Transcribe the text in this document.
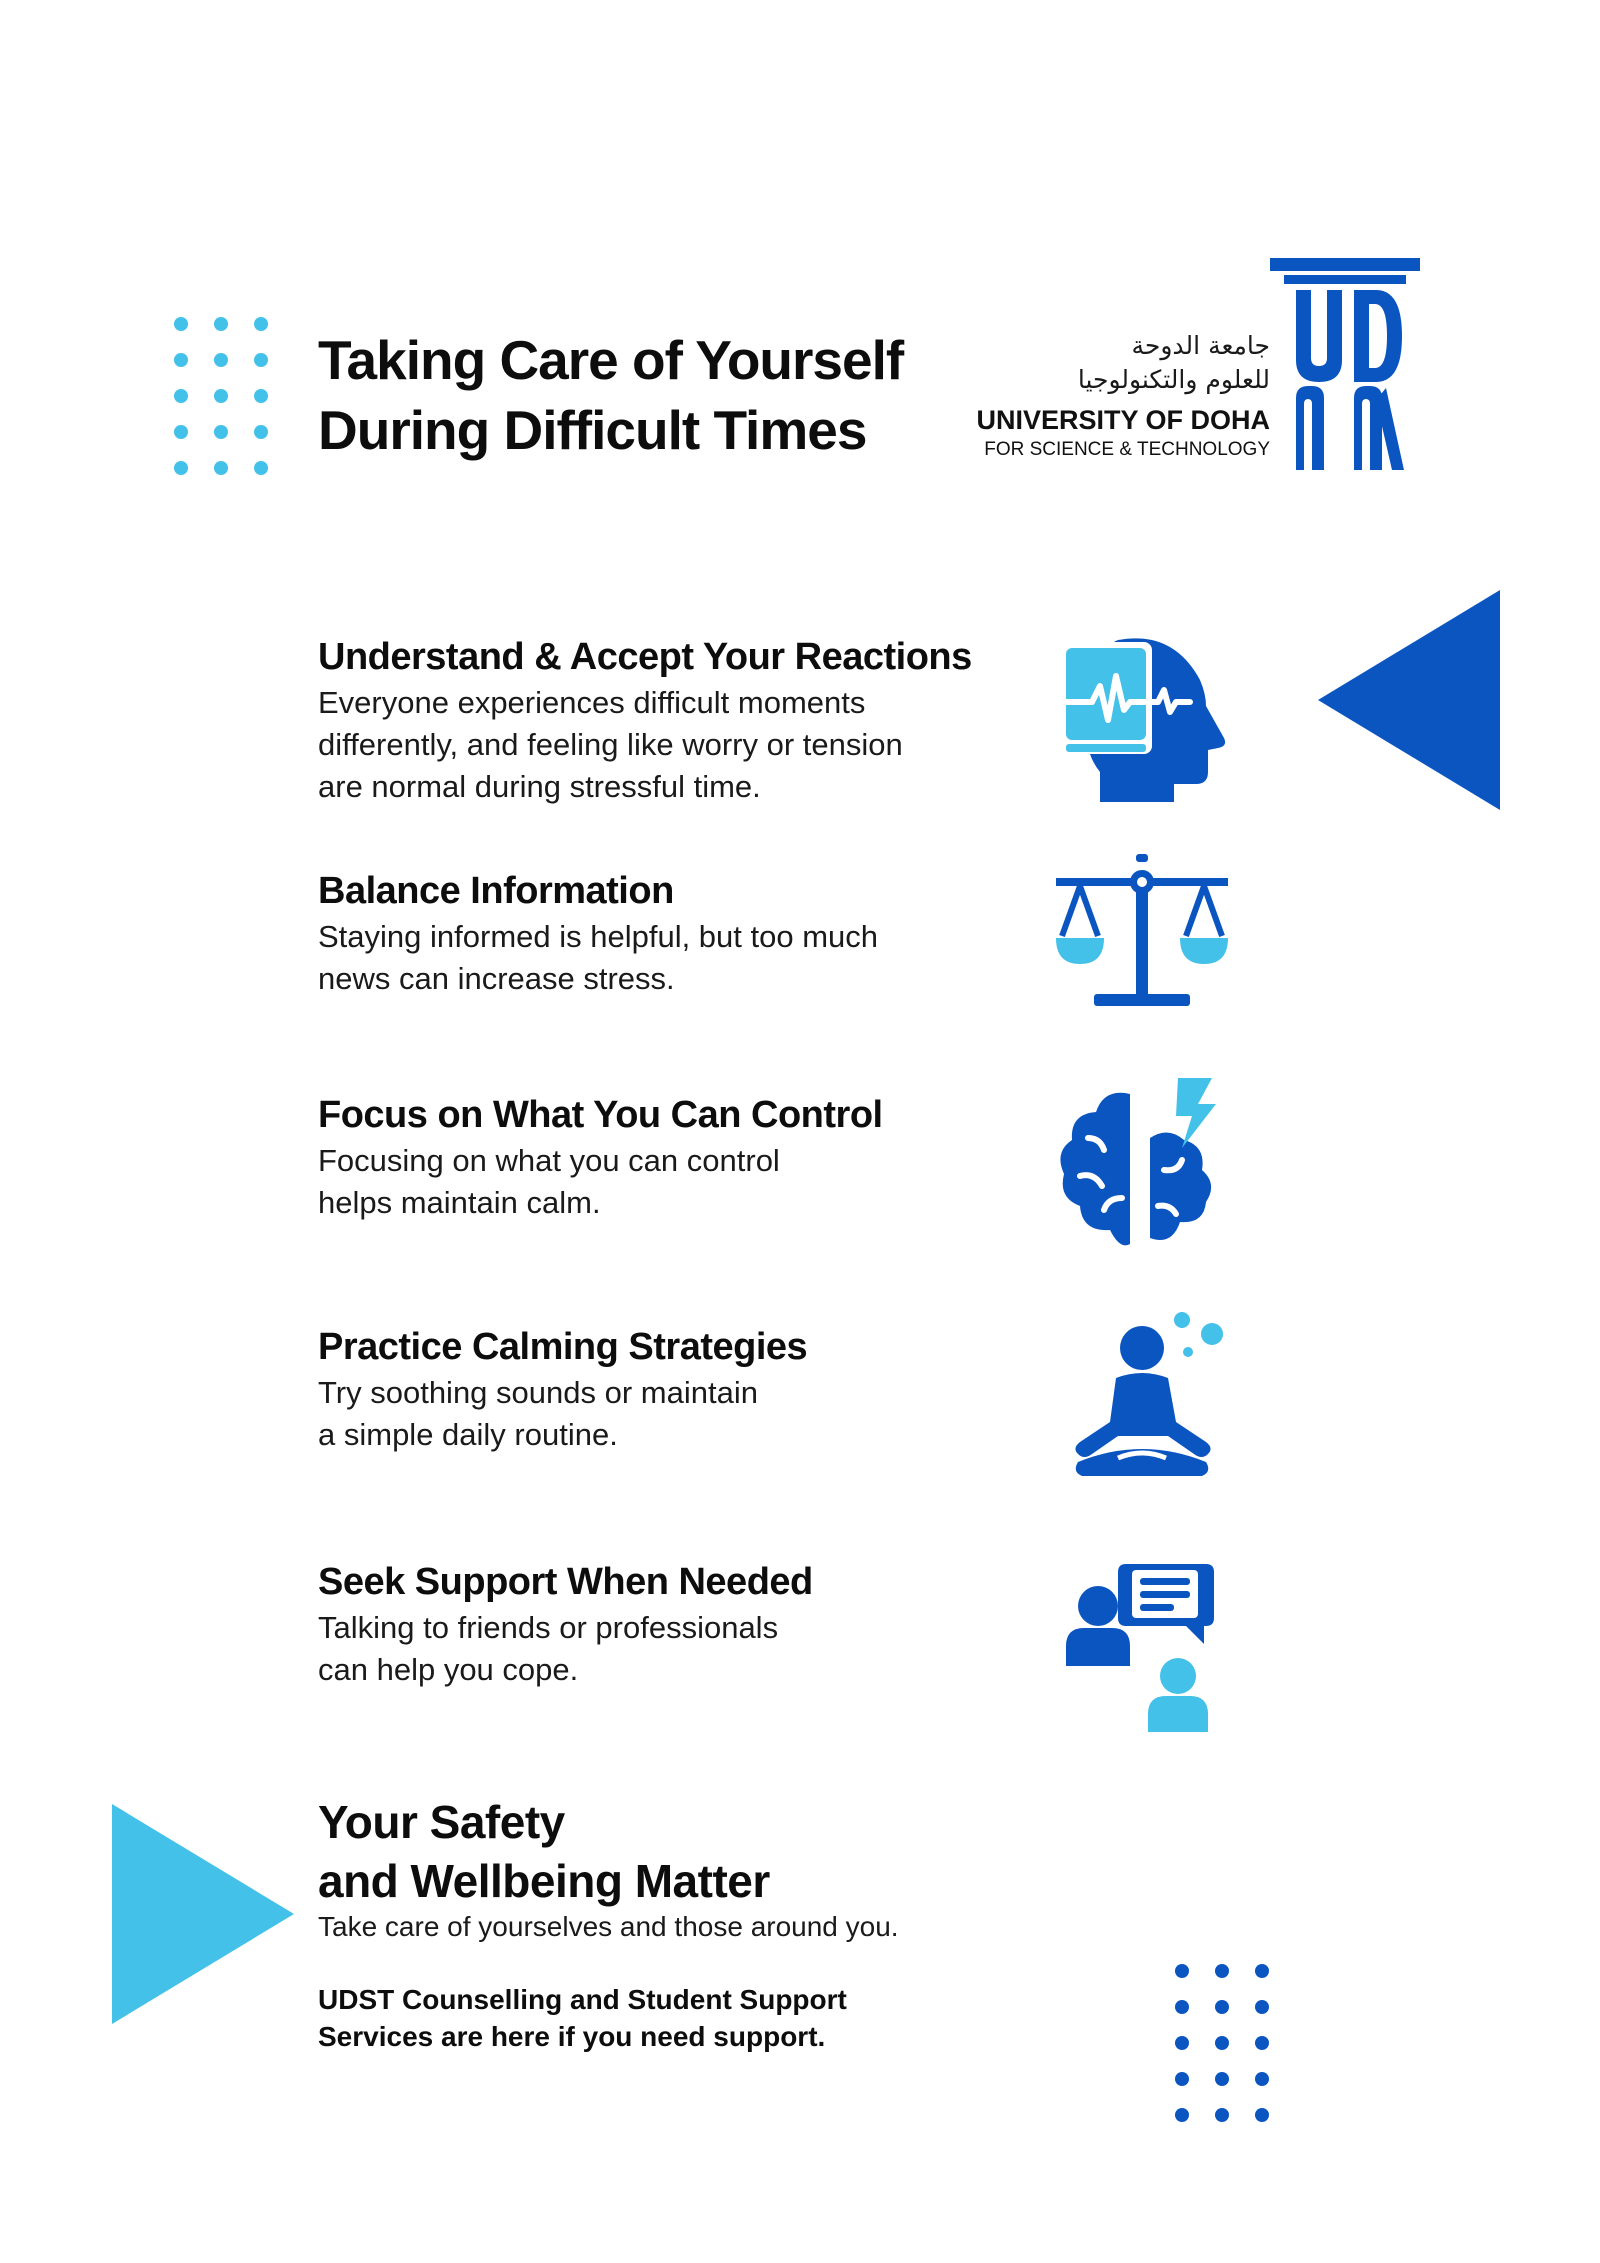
Taking Care of Yourself
During Difficult Times
جامعة الدوحة
للعلوم والتكنولوجيا
UNIVERSITY OF DOHA
FOR SCIENCE & TECHNOLOGY
Understand & Accept Your Reactions

Everyone experiences difficult moments
differently, and feeling like worry or tension
are normal during stressful time.

Balance Information

Staying informed is helpful, but too much
news can increase stress.

Focus on What You Can Control

Focusing on what you can control
helps maintain calm.

Practice Calming Strategies

Try soothing sounds or maintain
a simple daily routine.

Seek Support When Needed

Talking to friends or professionals
can help you cope.

Your Safety
and Wellbeing Matter
Take care of yourselves and those around you.
UDST Counselling and Student Support
Services are here if you need support.
